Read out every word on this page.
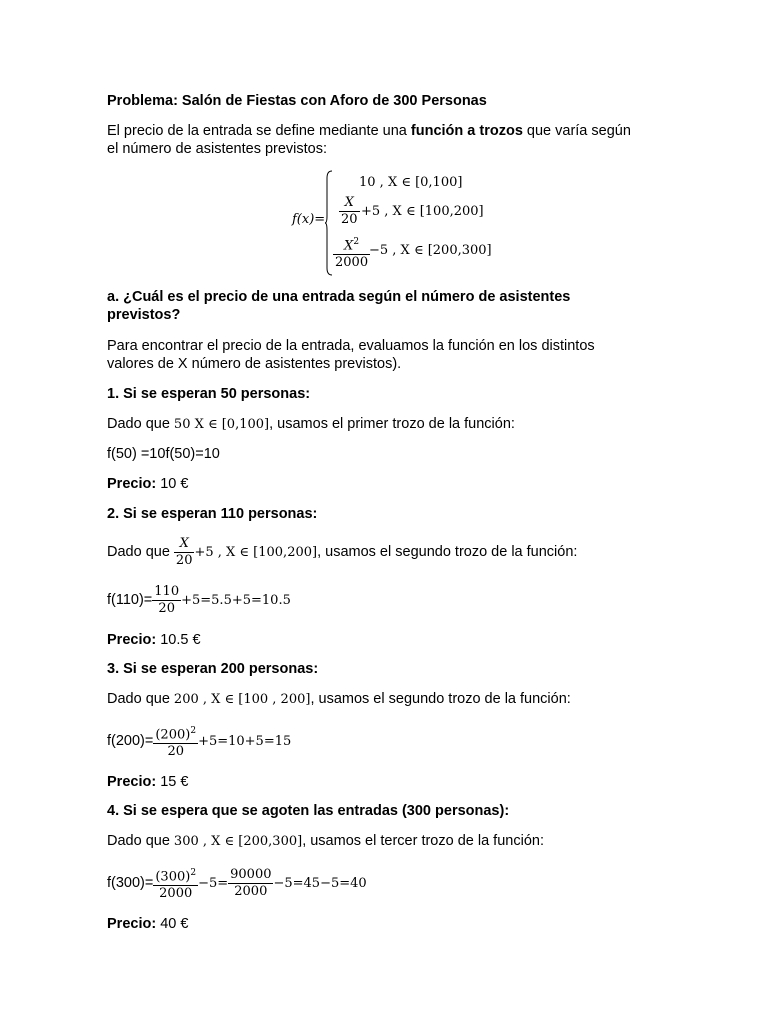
Problema: Salón de Fiestas con Aforo de 300 Personas
El precio de la entrada se define mediante una función a trozos que varía según
el número de asistentes previstos:
f(x)=
10 , X ∈ [0,100]
$\frac{X}{20} +5$ , X ∈ [100,200]
$\frac{X^2}{2000}$
−5 , X ∈ [200,300]
a. ¿Cuál es el precio de una entrada según el número de asistentes
previstos?
Para encontrar el precio de la entrada, evaluamos la función en los distintos
valores de X número de asistentes previstos).
1. Si se esperan 50 personas:
Dado que 50 X ∈ [0,100], usamos el primer trozo de la función:
f(50) =10f(50)=10
Precio: 10 €
2. Si se esperan 110 personas:
Dado que $\frac{X}{20} +5$ , X ∈ [100,200], usamos el segundo trozo de la función:
$f(110)= \frac{110}{20} +5=5.5+5=10.5$
Precio: 10.5 €
3. Si se esperan 200 personas:
Dado que 200 , X ∈ [100 , 200], usamos el segundo trozo de la función:
$f(200)= \frac{(200)^2}{20} +5=10+5=15$
Precio: 15 €
4. Si se espera que se agoten las entradas (300 personas):
Dado que 300 , X ∈ [200,300], usamos el tercer trozo de la función:
$f(300)= \frac{(300)^2}{2000} -5= \frac{90000}{2000} -5=45-5=40$
Precio: 40 €
